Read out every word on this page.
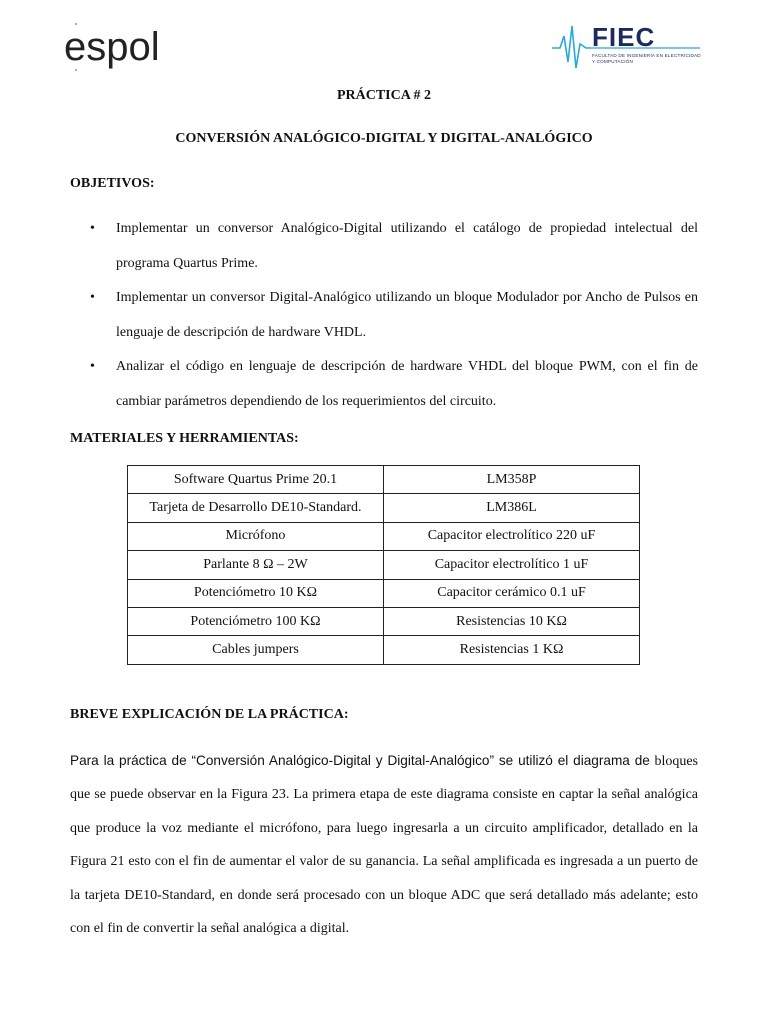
espol	FIEC
FACULTAD DE INGENIERÍA EN ELECTRICIDAD Y COMPUTACIÓN
PRÁCTICA # 2
CONVERSIÓN ANALÓGICO-DIGITAL Y DIGITAL-ANALÓGICO
OBJETIVOS:
• Implementar un conversor Analógico-Digital utilizando el catálogo de propiedad intelectual del programa Quartus Prime.
• Implementar un conversor Digital-Analógico utilizando un bloque Modulador por Ancho de Pulsos en lenguaje de descripción de hardware VHDL.
• Analizar el código en lenguaje de descripción de hardware VHDL del bloque PWM, con el fin de cambiar parámetros dependiendo de los requerimientos del circuito.
MATERIALES Y HERRAMIENTAS:
Software Quartus Prime 20.1	LM358P
Tarjeta de Desarrollo DE10-Standard.	LM386L
Micrófono	Capacitor electrolítico 220 uF
Parlante 8 Ω – 2W	Capacitor electrolítico 1 uF
Potenciómetro 10 KΩ	Capacitor cerámico 0.1 uF
Potenciómetro 100 KΩ	Resistencias 10 KΩ
Cables jumpers	Resistencias 1 KΩ
BREVE EXPLICACIÓN DE LA PRÁCTICA:
Para la práctica de “Conversión Analógico-Digital y Digital-Analógico” se utilizó el diagrama de bloques que se puede observar en la Figura 23. La primera etapa de este diagrama consiste en captar la señal analógica que produce la voz mediante el micrófono, para luego ingresarla a un circuito amplificador, detallado en la Figura 21 esto con el fin de aumentar el valor de su ganancia. La señal amplificada es ingresada a un puerto de la tarjeta DE10-Standard, en donde será procesado con un bloque ADC que será detallado más adelante; esto con el fin de convertir la señal analógica a digital.
